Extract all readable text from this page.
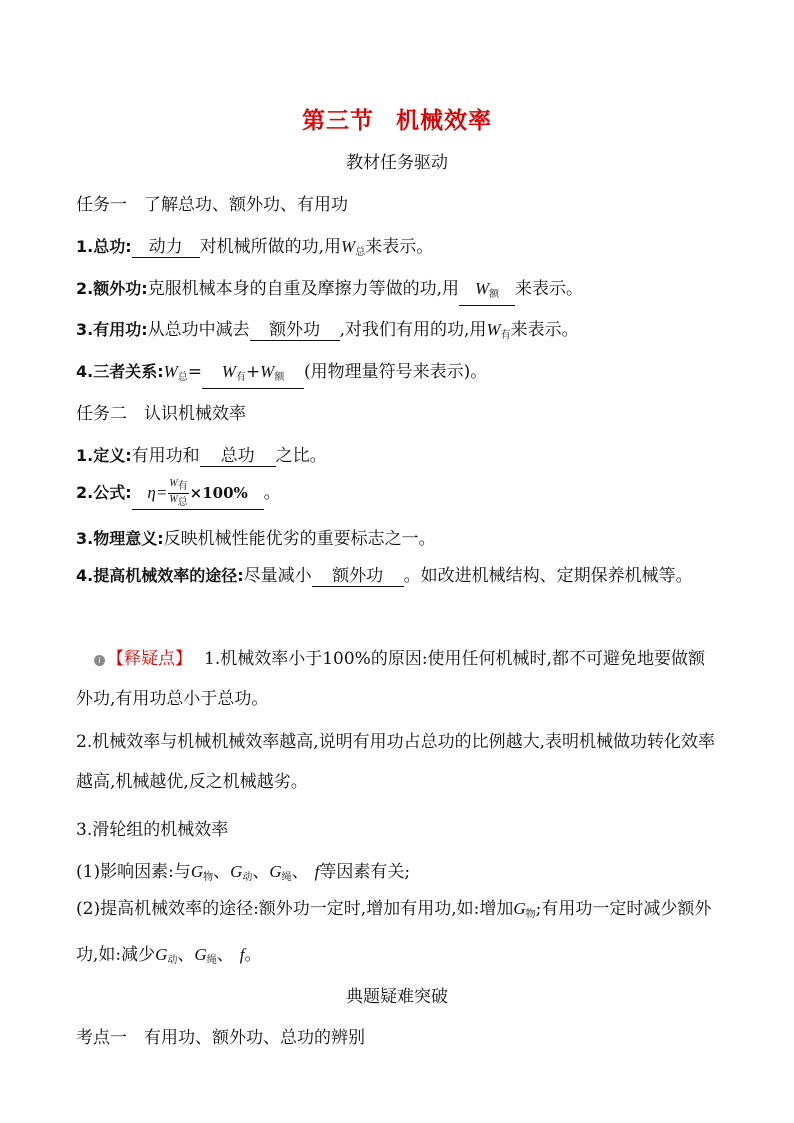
第三节 机械效率
教材任务驱动
任务一　了解总功、额外功、有用功
1.总功: 动力 对机械所做的功,用$W_总$来表示。
2.额外功:克服机械本身的自重及摩擦力等做的功,用 $W_额$ 来表示。
3.有用功:从总功中减去 额外功 ,对我们有用的功,用$W_有$来表示。
4.三者关系$:W_总= W_有+W_额$ (用物理量符号来表示)。
任务二　认识机械效率
1.定义:有用功和 总功 之比。
2.公式: $\eta= \frac{W_有}{W_总} \times 100\%$ 。
3.物理意义:反映机械性能优劣的重要标志之一。
4.提高机械效率的途径:尽量减小 额外功 。如改进机械结构、定期保养机械等。
i 【释疑点】 1.机械效率小于100%的原因:使用任何机械时,都不可避免地要做额外功,有用功总小于总功。
2.机械效率与机械机械效率越高,说明有用功占总功的比例越大,表明机械做功转化效率越高,机械越优,反之机械越劣。
3.滑轮组的机械效率
(1)影响因素:与$G_物$、$G_动$、$G_绳$、 f等因素有关;
(2)提高机械效率的途径:额外功一定时,增加有用功,如:增加$G_物$;有用功一定时减少额外功,如:减少$G_动$、$G_绳$、 f。
典题疑难突破
考点一　有用功、额外功、总功的辨别
